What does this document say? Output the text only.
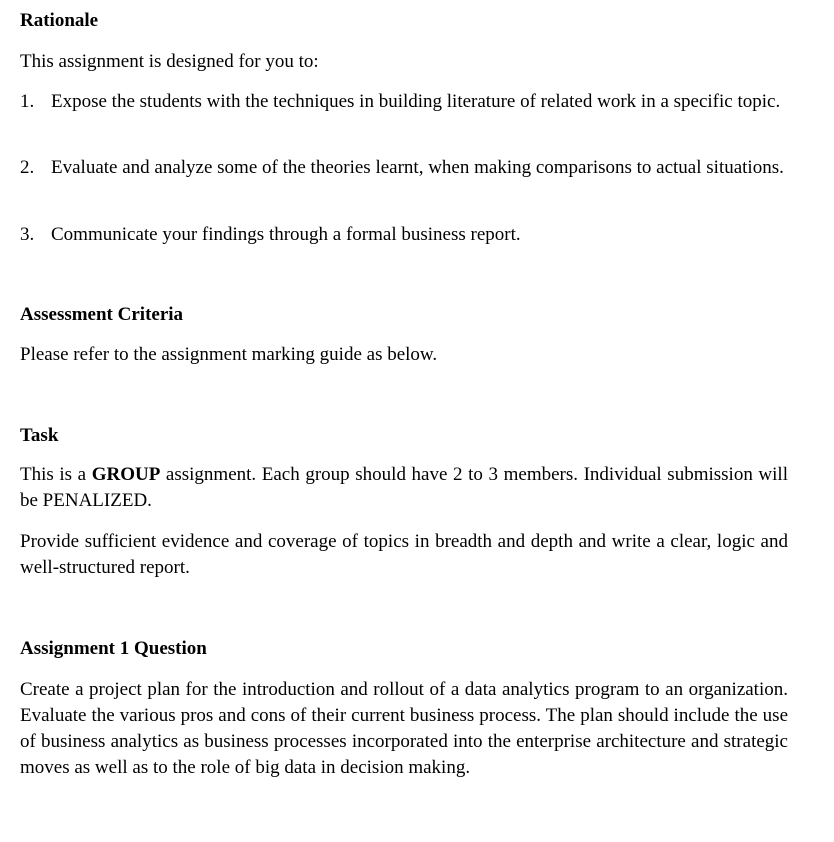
Rationale
This assignment is designed for you to:
1. Expose the students with the techniques in building literature of related work in a specific topic.
2. Evaluate and analyze some of the theories learnt, when making comparisons to actual situations.
3. Communicate your findings through a formal business report.
Assessment Criteria
Please refer to the assignment marking guide as below.
Task
This is a GROUP assignment. Each group should have 2 to 3 members. Individual submission will be PENALIZED.
Provide sufficient evidence and coverage of topics in breadth and depth and write a clear, logic and well-structured report.
Assignment 1 Question
Create a project plan for the introduction and rollout of a data analytics program to an organization. Evaluate the various pros and cons of their current business process. The plan should include the use of business analytics as business processes incorporated into the enterprise architecture and strategic moves as well as to the role of big data in decision making.
